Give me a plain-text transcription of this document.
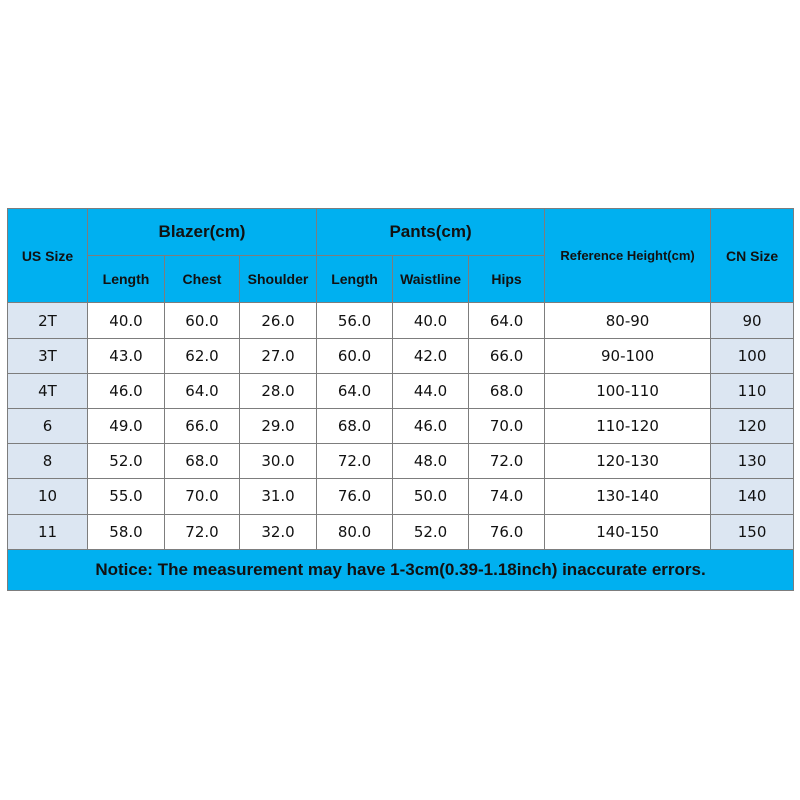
US Size	Blazer(cm)			Pants(cm)			Reference Height(cm)	CN Size
	Length	Chest	Shoulder	Length	Waistline	Hips		
2T	40.0	60.0	26.0	56.0	40.0	64.0	80-90	90
3T	43.0	62.0	27.0	60.0	42.0	66.0	90-100	100
4T	46.0	64.0	28.0	64.0	44.0	68.0	100-110	110
6	49.0	66.0	29.0	68.0	46.0	70.0	110-120	120
8	52.0	68.0	30.0	72.0	48.0	72.0	120-130	130
10	55.0	70.0	31.0	76.0	50.0	74.0	130-140	140
11	58.0	72.0	32.0	80.0	52.0	76.0	140-150	150
Notice: The measurement may have 1-3cm(0.39-1.18inch) inaccurate errors.								
